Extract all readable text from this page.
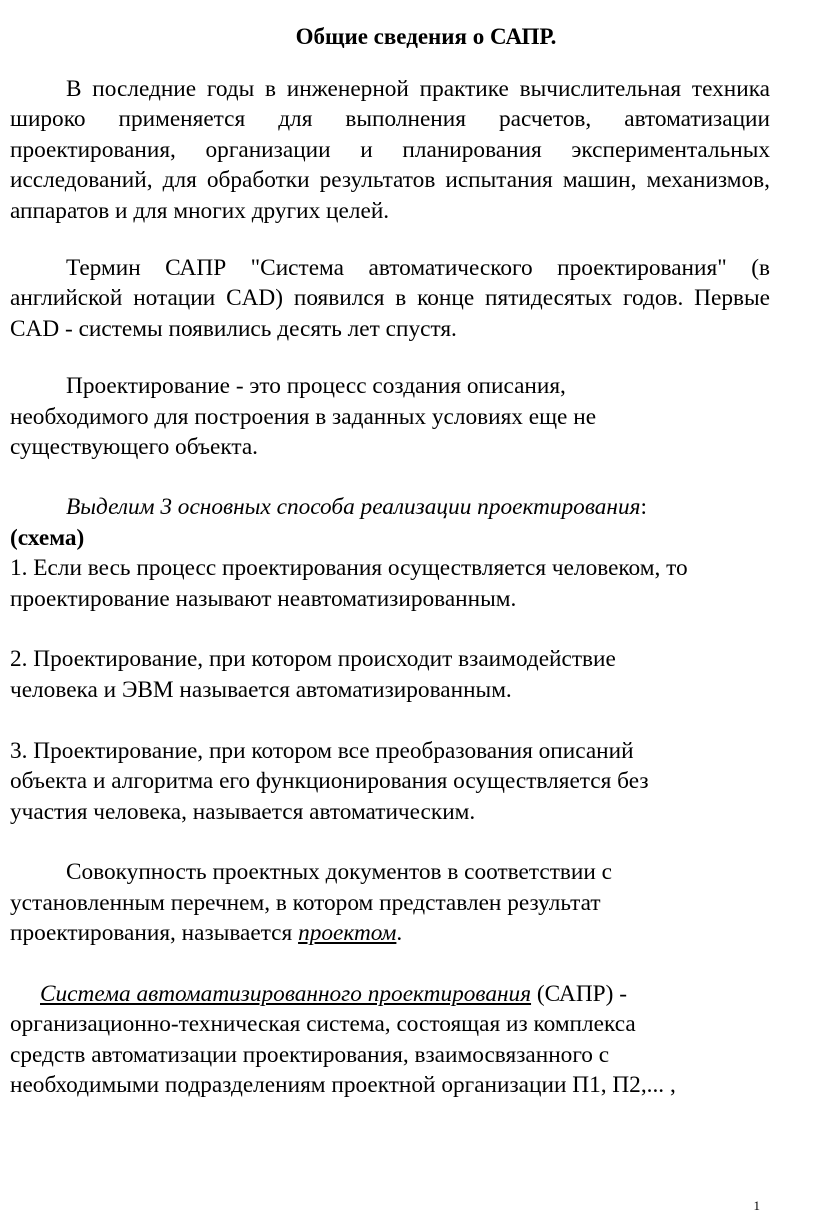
Общие сведения о САПР.

В последние годы в инженерной практике вычислительная техника широко применяется для выполнения расчетов, автоматизации проектирования, организации и планирования экспериментальных исследований, для обработки результатов испытания машин, механизмов, аппаратов и для многих других целей.

Термин САПР "Система автоматического проектирования" (в английской нотации CAD) появился в конце пятидесятых годов. Первые CAD - системы появились десять лет спустя.

Проектирование - это процесс создания описания,
необходимого для построения в заданных условиях еще не
существующего объекта.
Выделим 3 основных способа реализации проектирования:
(схема)
1. Если весь процесс проектирования осуществляется человеком, то
проектирование называют неавтоматизированным.
2. Проектирование, при котором происходит взаимодействие
человека и ЭВМ называется автоматизированным.
3. Проектирование, при котором все преобразования описаний
объекта и алгоритма его функционирования осуществляется без
участия человека, называется автоматическим.
Совокупность проектных документов в соответствии с
установленным перечнем, в котором представлен результат
проектирования, называется проектом.
Система автоматизированного проектирования (САПР) -
организационно-техническая система, состоящая из комплекса
средств автоматизации проектирования, взаимосвязанного с
необходимыми подразделениям проектной организации П1, П2,... ,
1
